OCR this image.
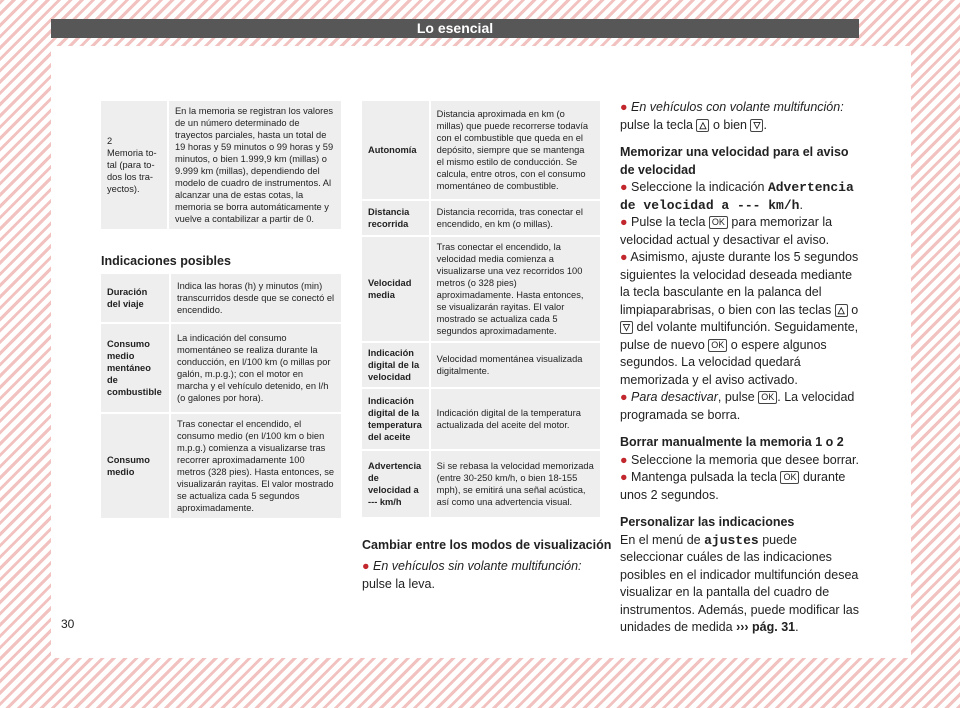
Lo esencial
2
Memoria to-
tal (para to-
dos los tra-
yectos).	En la memoria se registran los valores de un número determinado de trayectos parciales, hasta un total de 19 horas y 59 minutos o 99 horas y 59 minutos, o bien 1.999,9 km (millas) o 9.999 km (millas), dependiendo del modelo de cuadro de instrumentos. Al alcanzar una de estas cotas, la memoria se borra automáticamente y vuelve a contabilizar a partir de 0.
Indicaciones posibles
Duración del viaje	Indica las horas (h) y minutos (min) transcurridos desde que se conectó el encendido.
Consumo medio mentáneo de combustible	La indicación del consumo momentáneo se realiza durante la conducción, en l/100 km (o millas por galón, m.p.g.); con el motor en marcha y el vehículo detenido, en l/h (o galones por hora).
Consumo medio	Tras conectar el encendido, el consumo medio (en l/100 km o bien m.p.g.) comienza a visualizarse tras recorrer aproximadamente 100 metros (328 pies). Hasta entonces, se visualizarán rayitas. El valor mostrado se actualiza cada 5 segundos aproximadamente.
Autonomía	Distancia aproximada en km (o millas) que puede recorrerse todavía con el combustible que queda en el depósito, siempre que se mantenga el mismo estilo de conducción. Se calcula, entre otros, con el consumo momentáneo de combustible.
Distancia recorrida	Distancia recorrida, tras conectar el encendido, en km (o millas).
Velocidad media	Tras conectar el encendido, la velocidad media comienza a visualizarse una vez recorridos 100 metros (o 328 pies) aproximadamente. Hasta entonces, se visualizarán rayitas. El valor mostrado se actualiza cada 5 segundos aproximadamente.
Indicación digital de la velocidad	Velocidad momentánea visualizada digitalmente.
Indicación digital de la temperatura del aceite	Indicación digital de la temperatura actualizada del aceite del motor.
Advertencia de velocidad a --- km/h	Si se rebasa la velocidad memorizada (entre 30-250 km/h, o bien 18-155 mph), se emitirá una señal acústica, así como una advertencia visual.
Cambiar entre los modos de visualización
● En vehículos sin volante multifunción: pulse la leva.

● En vehículos con volante multifunción: pulse la tecla △ o bien ▽ .

Memorizar una velocidad para el aviso de velocidad

● Seleccione la indicación Advertencia de velocidad a --- km/h.
● Pulse la tecla OK para memorizar la velocidad actual y desactivar el aviso.
● Asimismo, ajuste durante los 5 segundos siguientes la velocidad deseada mediante la tecla basculante en la palanca del limpiaparabrisas, o bien con las teclas △ o ▽ del volante multifunción. Seguidamente, pulse de nuevo OK o espere algunos segundos. La velocidad quedará memorizada y el aviso activado.

● Para desactivar, pulse OK . La velocidad programada se borra.

Borrar manualmente la memoria 1 o 2

● Seleccione la memoria que desee borrar.

● Mantenga pulsada la tecla OK durante unos 2 segundos.

Personalizar las indicaciones

En el menú de ajustes puede seleccionar cuáles de las indicaciones posibles en el indicador multifunción desea visualizar en la pantalla del cuadro de instrumentos. Además, puede modificar las unidades de medida ››› pág. 31.
30
